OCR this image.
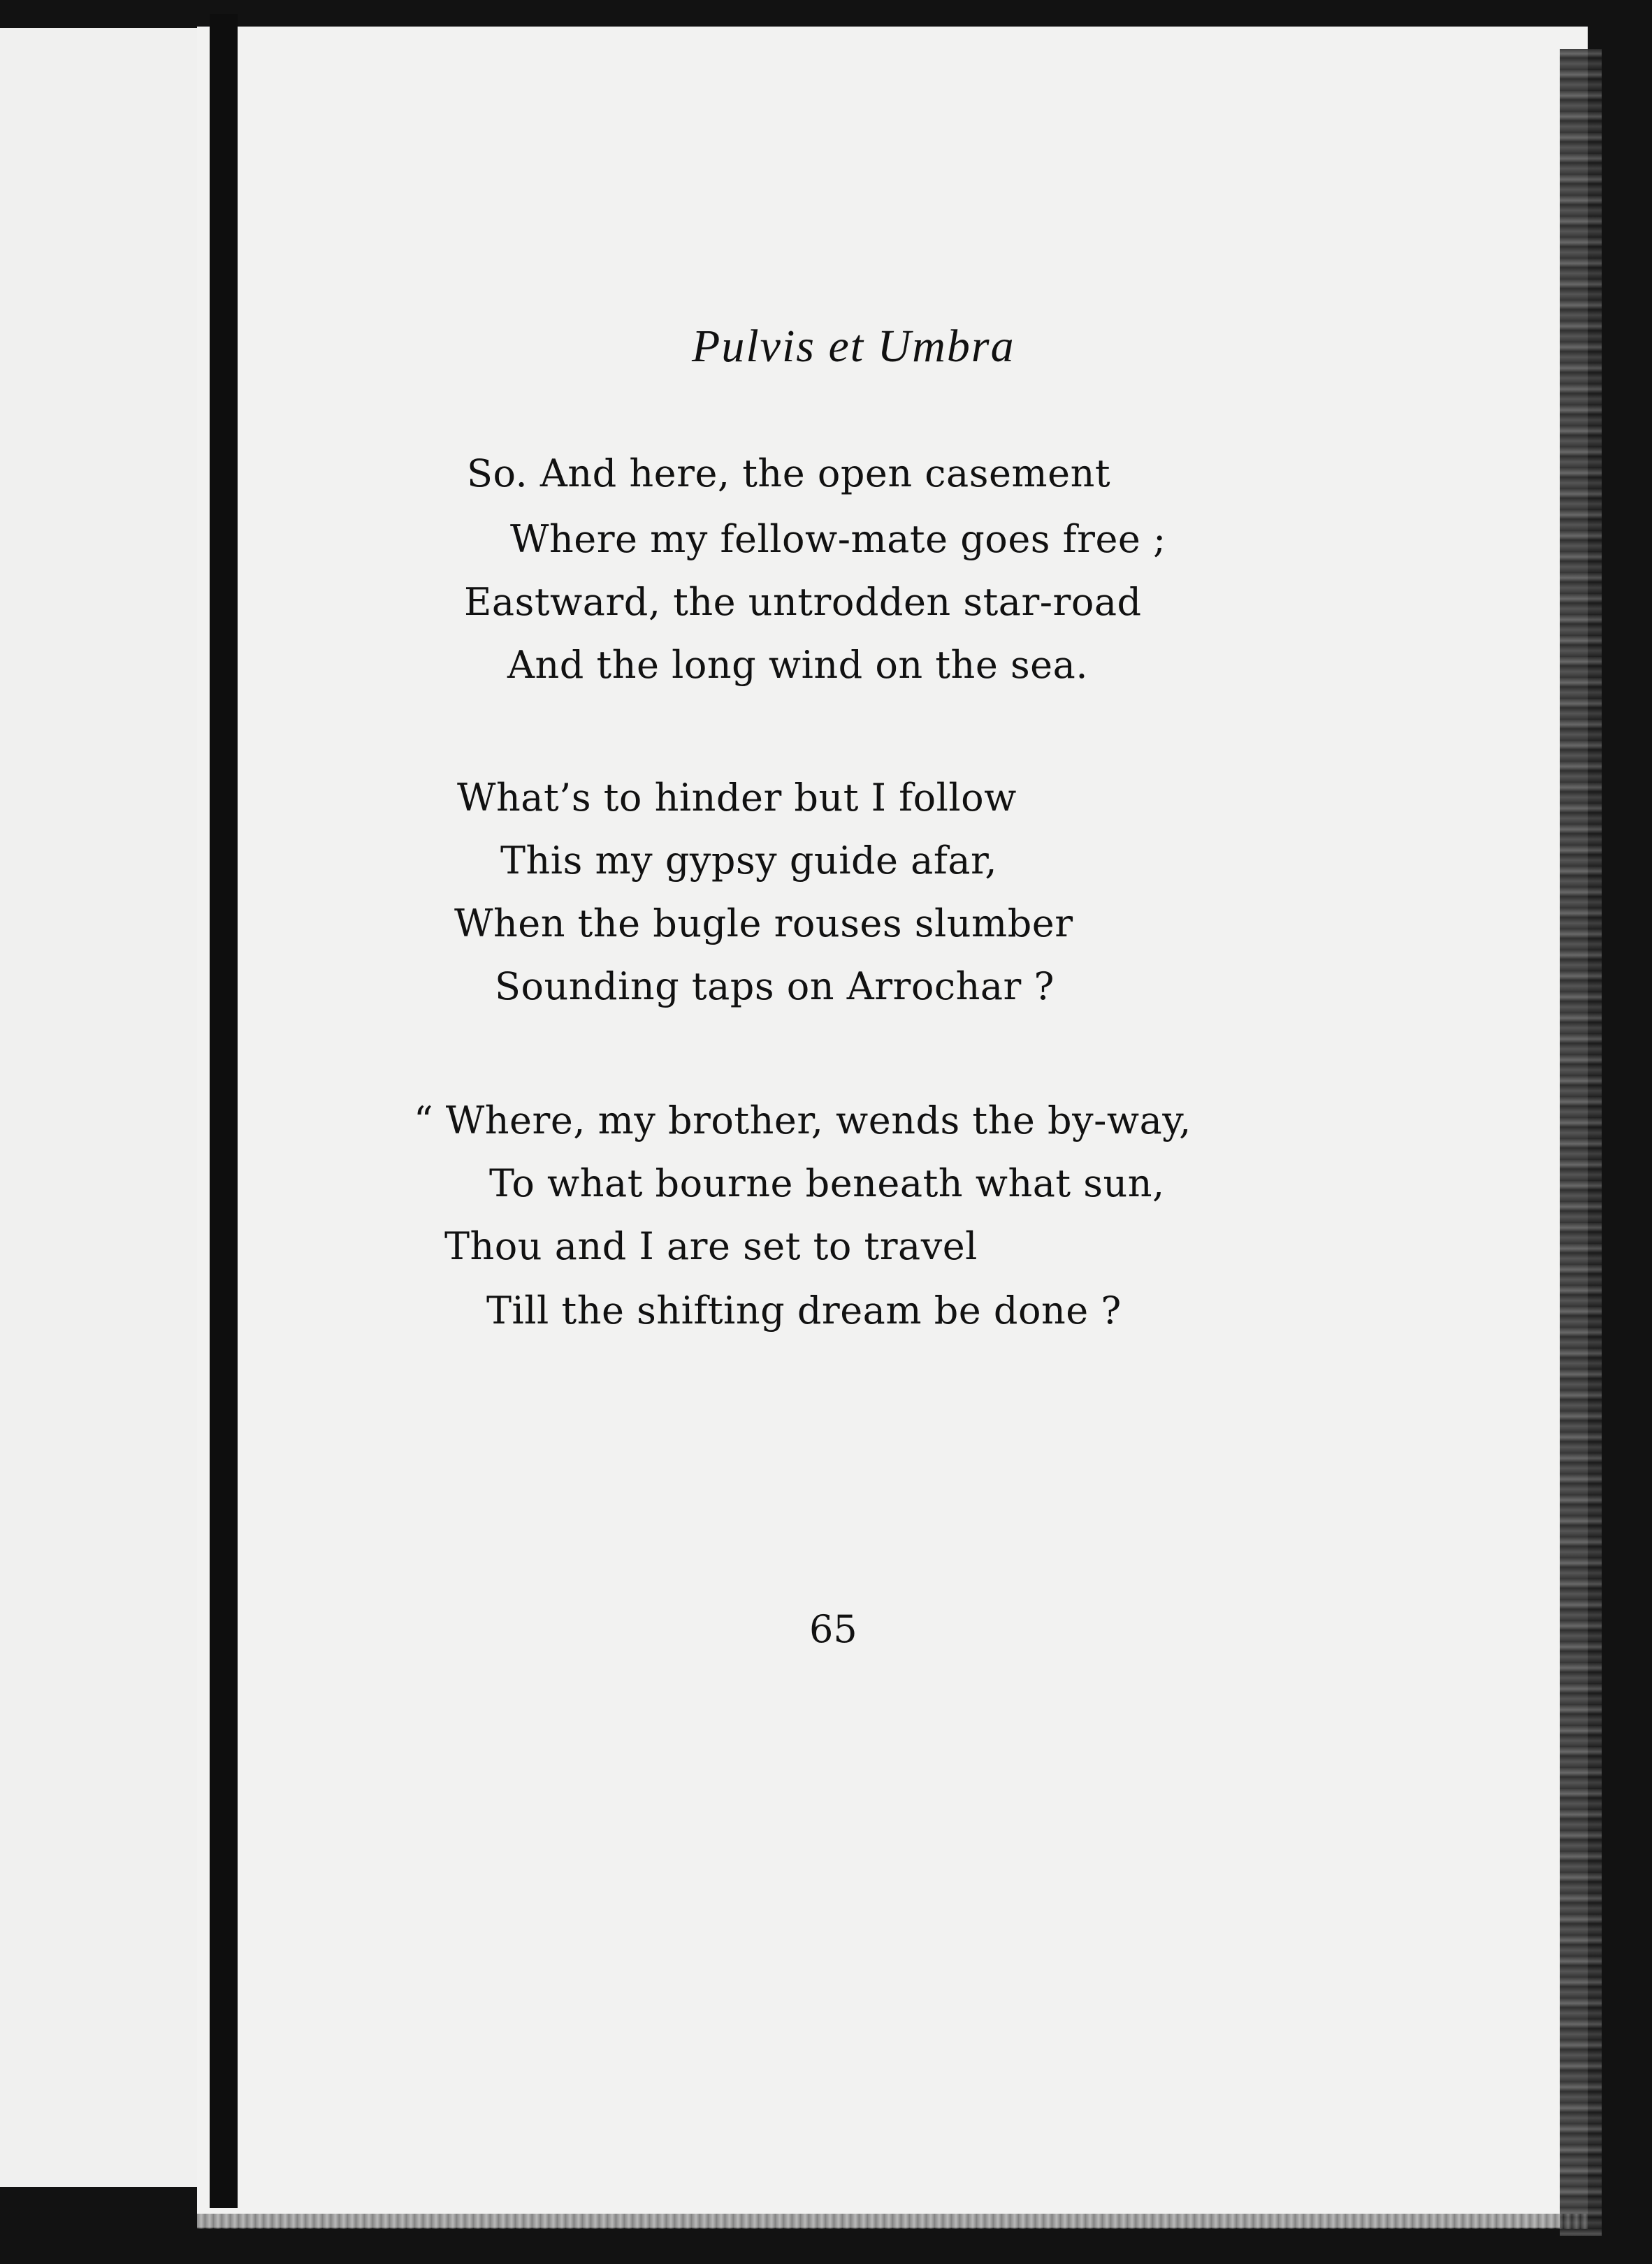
Pulvis et Umbra
So. And here, the open casement
Where my fellow-mate goes free ;
Eastward, the untrodden star-road
And the long wind on the sea.
What’s to hinder but I follow
This my gypsy guide afar,
When the bugle rouses slumber
Sounding taps on Arrochar ?
“ Where, my brother, wends the by-way,
To what bourne beneath what sun,
Thou and I are set to travel
Till the shifting dream be done ?
65
